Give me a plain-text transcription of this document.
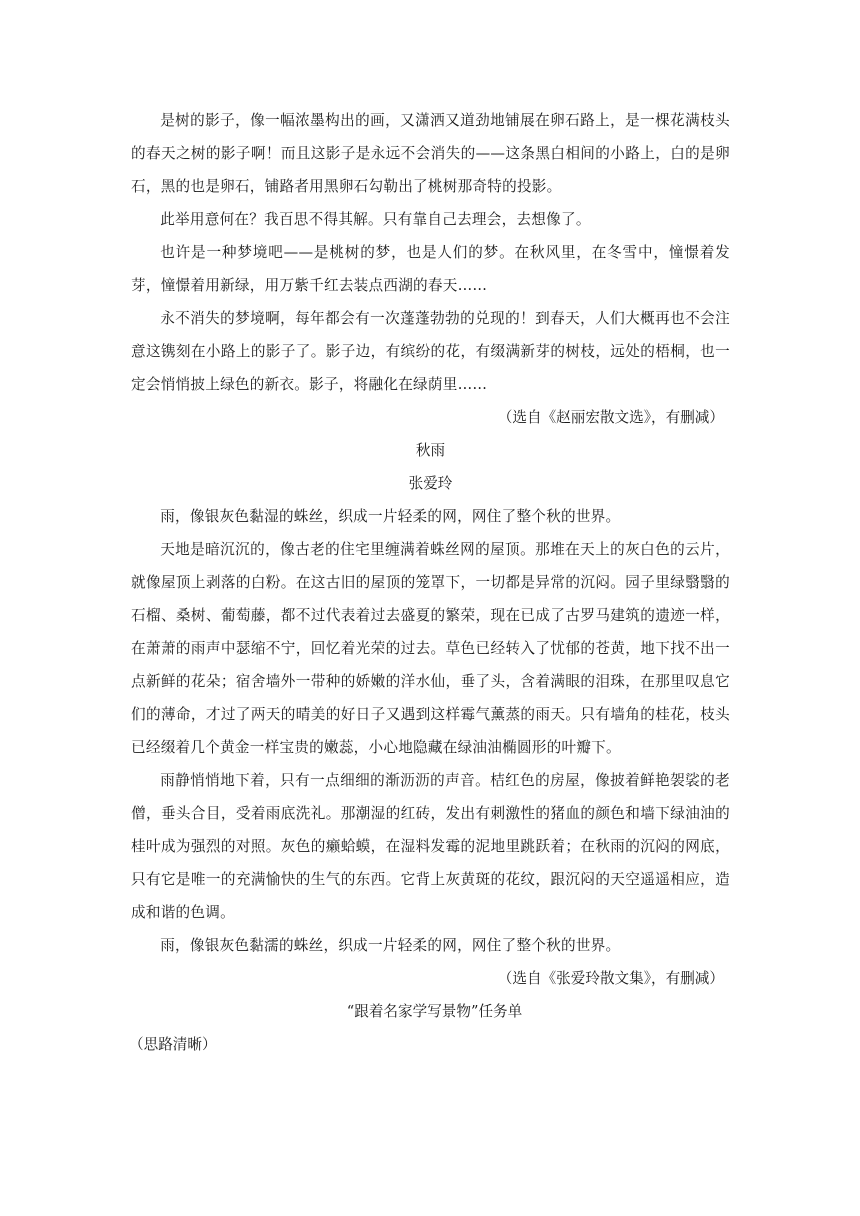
是树的影子，像一幅浓墨构出的画，又潇洒又道劲地铺展在卵石路上，是一棵花满枝头的春天之树的影子啊！而且这影子是永远不会消失的——这条黑白相间的小路上，白的是卵石，黑的也是卵石，铺路者用黑卵石勾勒出了桃树那奇特的投影。

此举用意何在？我百思不得其解。只有靠自己去理会，去想像了。

也许是一种梦境吧——是桃树的梦，也是人们的梦。在秋风里，在冬雪中，憧憬着发芽，憧憬着用新绿，用万紫千红去装点西湖的春天……

永不消失的梦境啊，每年都会有一次蓬蓬勃勃的兑现的！到春天，人们大概再也不会注意这镌刻在小路上的影子了。影子边，有缤纷的花，有缀满新芽的树枝，远处的梧桐，也一定会悄悄披上绿色的新衣。影子，将融化在绿荫里……

（选自《赵丽宏散文选》，有删减）

秋雨

张爱玲

雨，像银灰色黏湿的蛛丝，织成一片轻柔的网，网住了整个秋的世界。

天地是暗沉沉的，像古老的住宅里缠满着蛛丝网的屋顶。那堆在天上的灰白色的云片，就像屋顶上剥落的白粉。在这古旧的屋顶的笼罩下，一切都是异常的沉闷。园子里绿翳翳的石榴、桑树、葡萄藤，都不过代表着过去盛夏的繁荣，现在已成了古罗马建筑的遗迹一样，在萧萧的雨声中瑟缩不宁，回忆着光荣的过去。草色已经转入了忧郁的苍黄，地下找不出一点新鲜的花朵；宿舍墙外一带种的娇嫩的洋水仙，垂了头，含着满眼的泪珠，在那里叹息它们的薄命，才过了两天的晴美的好日子又遇到这样霉气薰蒸的雨天。只有墙角的桂花，枝头已经缀着几个黄金一样宝贵的嫩蕊，小心地隐藏在绿油油椭圆形的叶瓣下。

雨静悄悄地下着，只有一点细细的渐沥沥的声音。桔红色的房屋，像披着鲜艳袈裟的老僧，垂头合目，受着雨底洗礼。那潮湿的红砖，发出有刺激性的猪血的颜色和墙下绿油油的桂叶成为强烈的对照。灰色的癞蛤蟆，在湿料发霉的泥地里跳跃着；在秋雨的沉闷的网底，只有它是唯一的充满愉快的生气的东西。它背上灰黄斑的花纹，跟沉闷的天空遥遥相应，造成和谐的色调。

雨，像银灰色黏濡的蛛丝，织成一片轻柔的网，网住了整个秋的世界。

（选自《张爱玲散文集》，有删减）

“跟着名家学写景物”任务单

（思路清晰）
